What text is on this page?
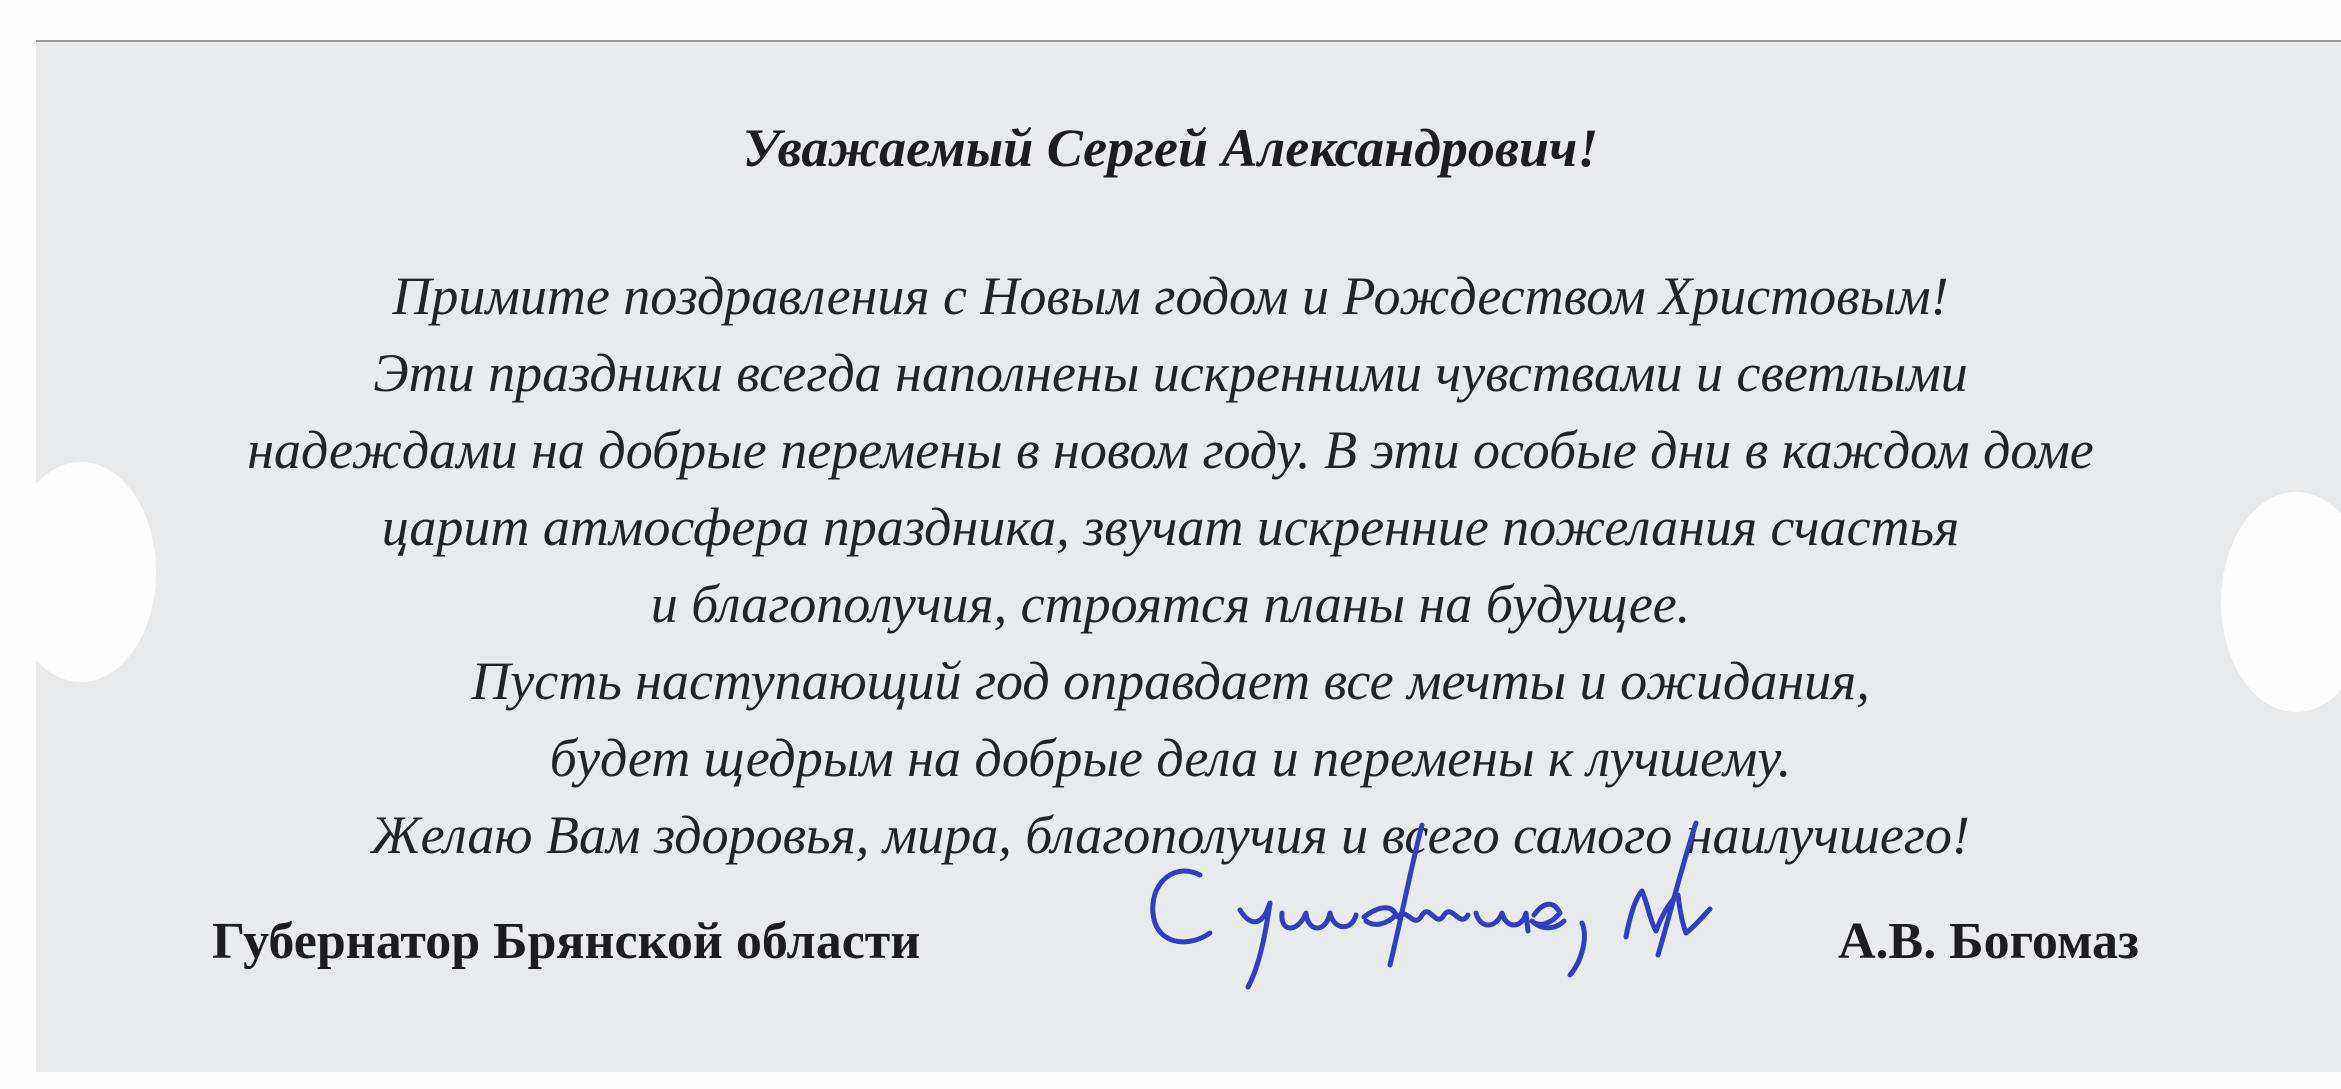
Уважаемый Сергей Александрович!
Примите поздравления с Новым годом и Рождеством Христовым!
Эти праздники всегда наполнены искренними чувствами и светлыми
надеждами на добрые перемены в новом году. В эти особые дни в каждом доме
царит атмосфера праздника, звучат искренние пожелания счастья
и благополучия, строятся планы на будущее.
Пусть наступающий год оправдает все мечты и ожидания,
будет щедрым на добрые дела и перемены к лучшему.
Желаю Вам здоровья, мира, благополучия и всего самого наилучшего!
Губернатор Брянской области	А.В. Богомаз
